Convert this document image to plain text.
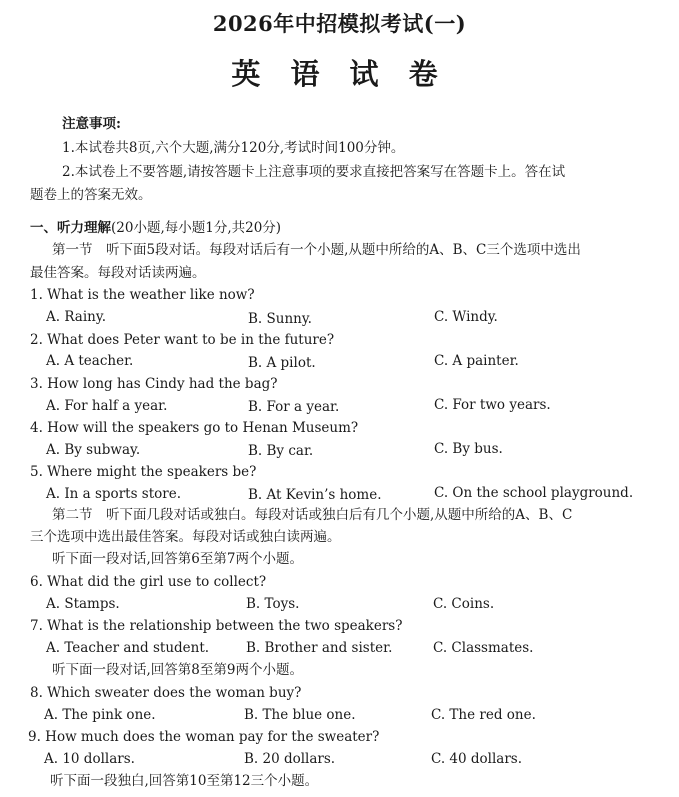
2026年中招模拟考试(一)
英 语 试 卷
注意事项:
1.本试卷共8页,六个大题,满分120分,考试时间100分钟。
2.本试卷上不要答题,请按答题卡上注意事项的要求直接把答案写在答题卡上。答在试
题卷上的答案无效。
一、听力理解(20小题,每小题1分,共20分)
第一节　听下面5段对话。每段对话后有一个小题,从题中所给的A、B、C三个选项中选出
最佳答案。每段对话读两遍。
1. What is the weather like now?
A. Rainy.	B. Sunny.	C. Windy.
2. What does Peter want to be in the future?
A. A teacher.	B. A pilot.	C. A painter.
3. How long has Cindy had the bag?
A. For half a year.	B. For a year.	C. For two years.
4. How will the speakers go to Henan Museum?
A. By subway.	B. By car.	C. By bus.
5. Where might the speakers be?
A. In a sports store.	B. At Kevin’s home.	C. On the school playground.
第二节　听下面几段对话或独白。每段对话或独白后有几个小题,从题中所给的A、B、C
三个选项中选出最佳答案。每段对话或独白读两遍。
听下面一段对话,回答第6至第7两个小题。
6. What did the girl use to collect?
A. Stamps.	B. Toys.	C. Coins.
7. What is the relationship between the two speakers?
A. Teacher and student.	B. Brother and sister.	C. Classmates.
听下面一段对话,回答第8至第9两个小题。
8. Which sweater does the woman buy?
A. The pink one.	B. The blue one.	C. The red one.
9. How much does the woman pay for the sweater?
A. 10 dollars.	B. 20 dollars.	C. 40 dollars.
听下面一段独白,回答第10至第12三个小题。
